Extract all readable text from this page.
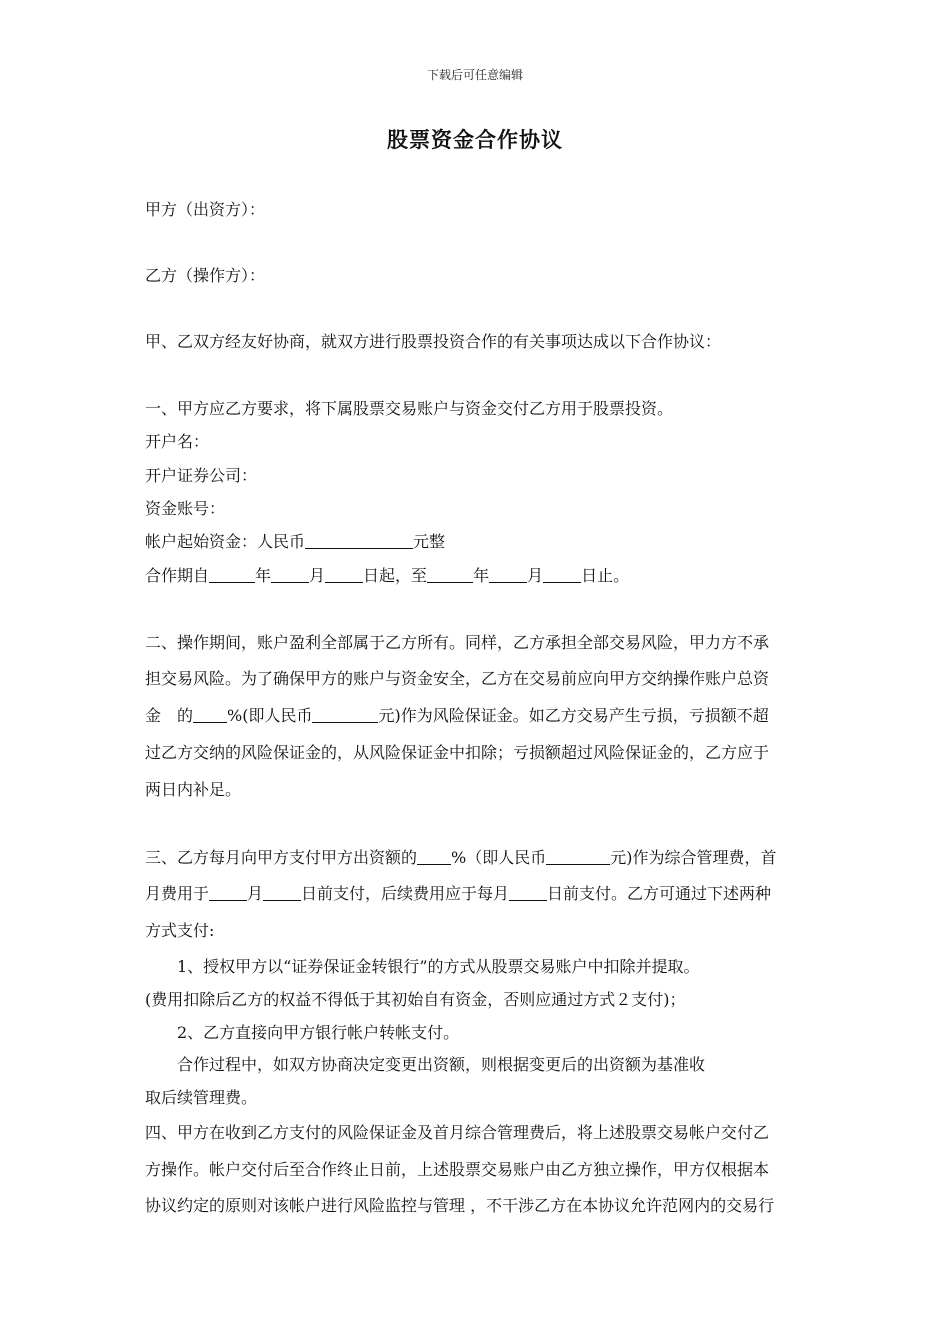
下载后可任意编辑
股票资金合作协议
甲方（出资方）：
乙方（操作方）：
甲、乙双方经友好协商，就双方进行股票投资合作的有关事项达成以下合作协议：
一、甲方应乙方要求，将下属股票交易账户与资金交付乙方用于股票投资。
开户名：
开户证券公司：
资金账号：
帐户起始资金：人民币	元整
合作期自	年 月 日起，至	年 月 日止。
二、操作期间，账户盈利全部属于乙方所有。同样，乙方承担全部交易风险，甲力方不承
担交易风险。为了确保甲方的账户与资金安全，乙方在交易前应向甲方交纳操作账户总资
金　的 %(即人民币	元)作为风险保证金。如乙方交易产生亏损，亏损额不超
过乙方交纳的风险保证金的，从风险保证金中扣除；亏损额超过风险保证金的，乙方应于
两日内补足。
三、乙方每月向甲方支付甲方出资额的 %（即人民币	元)作为综合管理费，首
月费用于 月 日前支付，后续费用应于每月 日前支付。乙方可通过下述两种
方式支付:
1、授权甲方以“证券保证金转银行”的方式从股票交易账户中扣除并提取。
(费用扣除后乙方的权益不得低于其初始自有资金，否则应通过方式２支付)；
2、乙方直接向甲方银行帐户转帐支付。
合作过程中，如双方协商决定变更出资额，则根据变更后的出资额为基准收
取后续管理费。
四、甲方在收到乙方支付的风险保证金及首月综合管理费后，将上述股票交易帐户交付乙
方操作。帐户交付后至合作终止日前，上述股票交易账户由乙方独立操作，甲方仅根据本
协议约定的原则对该帐户进行风险监控与管理 ，不干涉乙方在本协议允许范网内的交易行
